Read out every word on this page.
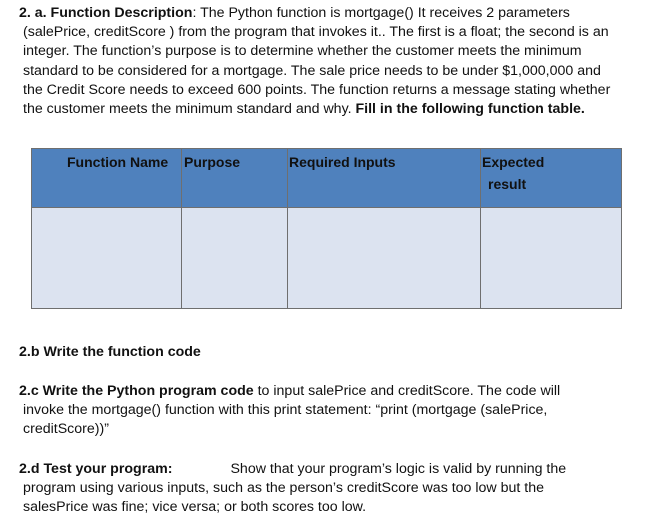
2. a. Function Description: The Python function is mortgage() It receives 2 parameters
(salePrice, creditScore ) from the program that invokes it.. The first is a float; the second is an
integer. The function’s purpose is to determine whether the customer meets the minimum
standard to be considered for a mortgage. The sale price needs to be under $1,000,000 and
the Credit Score needs to exceed 600 points. The function returns a message stating whether
the customer meets the minimum standard and why. Fill in the following function table.
Function Name	Purpose	Required Inputs	Expected
result

2.b Write the function code
2.c Write the Python program code to input salePrice and creditScore. The code will
invoke the mortgage() function with this print statement: “print (mortgage (salePrice,
creditScore))”
2.d Test your program:	Show that your program’s logic is valid by running the
program using various inputs, such as the person’s creditScore was too low but the
salesPrice was fine; vice versa; or both scores too low.
